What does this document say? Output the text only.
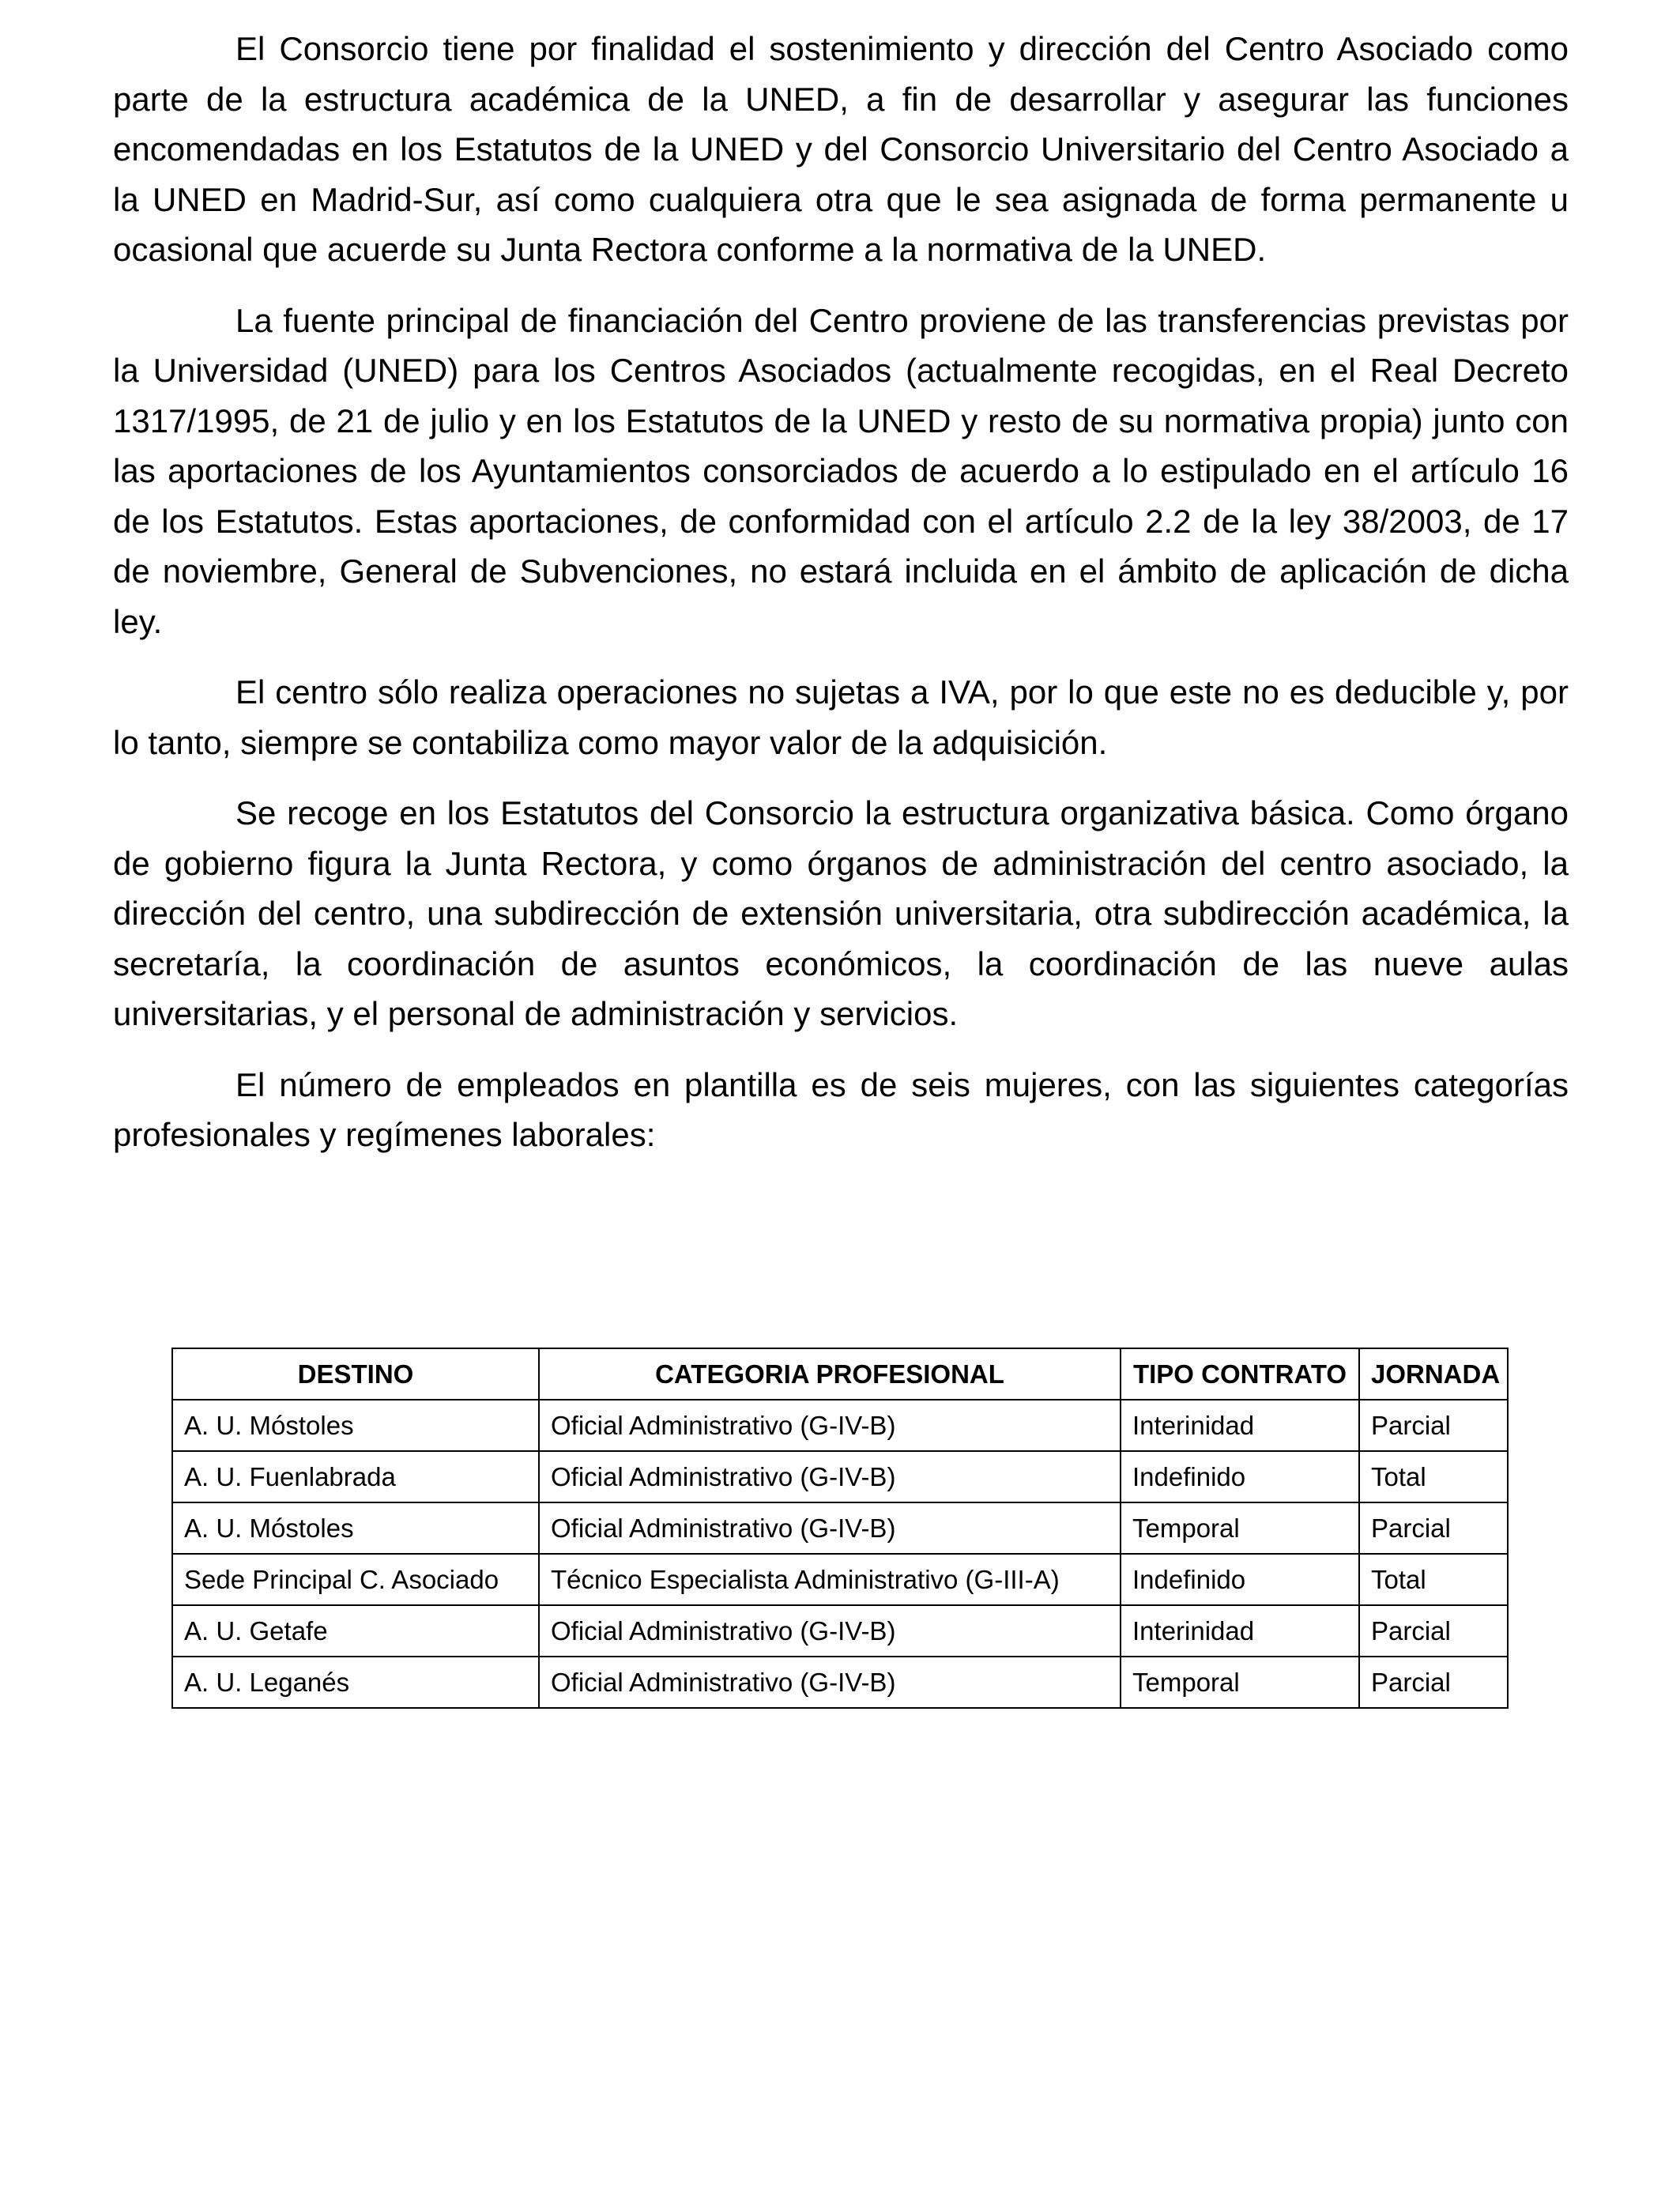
El Consorcio tiene por finalidad el sostenimiento y dirección del Centro Asociado como parte de la estructura académica de la UNED, a fin de desarrollar y asegurar las funciones encomendadas en los Estatutos de la UNED y del Consorcio Universitario del Centro Asociado a la UNED en Madrid-Sur, así como cualquiera otra que le sea asignada de forma permanente u ocasional que acuerde su Junta Rectora conforme a la normativa de la UNED.

La fuente principal de financiación del Centro proviene de las transferencias previstas por la Universidad (UNED) para los Centros Asociados (actualmente recogidas, en el Real Decreto 1317/1995, de 21 de julio y en los Estatutos de la UNED y resto de su normativa propia) junto con las aportaciones de los Ayuntamientos consorciados de acuerdo a lo estipulado en el artículo 16 de los Estatutos. Estas aportaciones, de conformidad con el artículo 2.2 de la ley 38/2003, de 17 de noviembre, General de Subvenciones, no estará incluida en el ámbito de aplicación de dicha ley.

El centro sólo realiza operaciones no sujetas a IVA, por lo que este no es deducible y, por lo tanto, siempre se contabiliza como mayor valor de la adquisición.

Se recoge en los Estatutos del Consorcio la estructura organizativa básica. Como órgano de gobierno figura la Junta Rectora, y como órganos de administración del centro asociado, la dirección del centro, una subdirección de extensión universitaria, otra subdirección académica, la secretaría, la coordinación de asuntos económicos, la coordinación de las nueve aulas universitarias, y el personal de administración y servicios.

El número de empleados en plantilla es de seis mujeres, con las siguientes categorías profesionales y regímenes laborales:

DESTINO	CATEGORIA PROFESIONAL	TIPO CONTRATO	JORNADA
A. U. Móstoles	Oficial Administrativo (G-IV-B)	Interinidad	Parcial
A. U. Fuenlabrada	Oficial Administrativo (G-IV-B)	Indefinido	Total
A. U. Móstoles	Oficial Administrativo (G-IV-B)	Temporal	Parcial
Sede Principal C. Asociado	Técnico Especialista Administrativo (G-III-A)	Indefinido	Total
A. U. Getafe	Oficial Administrativo (G-IV-B)	Interinidad	Parcial
A. U. Leganés	Oficial Administrativo (G-IV-B)	Temporal	Parcial
